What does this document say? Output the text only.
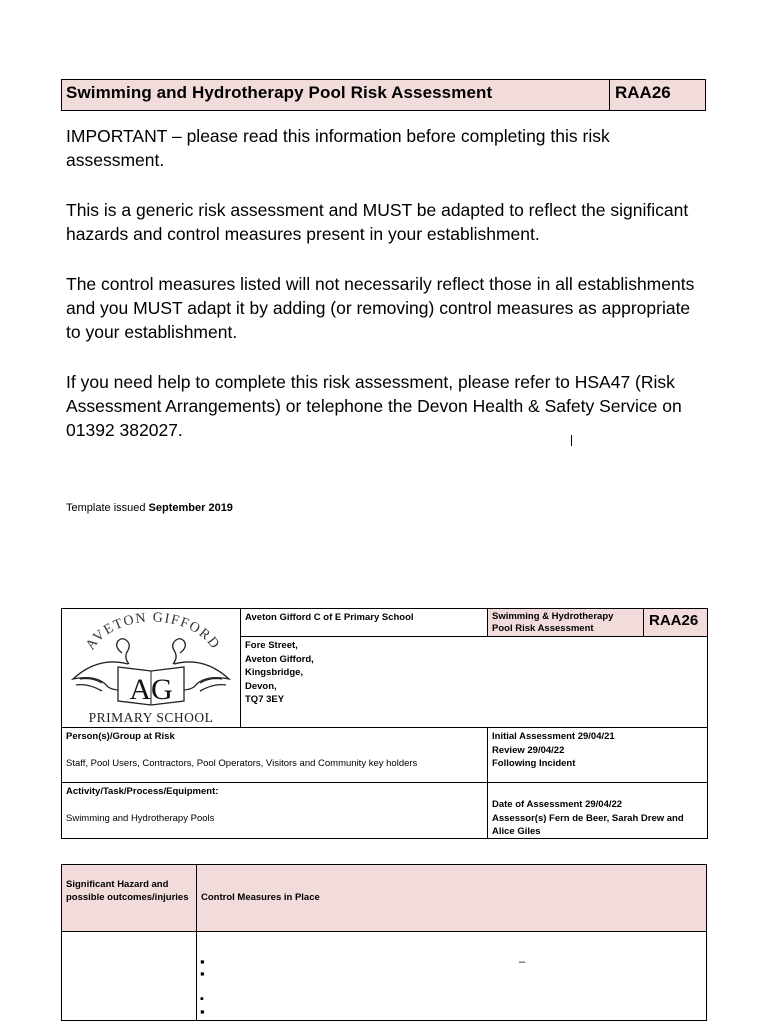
Swimming and Hydrotherapy Pool Risk Assessment	RAA26
IMPORTANT – please read this information before completing this risk assessment.
This is a generic risk assessment and MUST be adapted to reflect the significant hazards and control measures present in your establishment.
The control measures listed will not necessarily reflect those in all establishments and you MUST adapt it by adding (or removing) control measures as appropriate to your establishment.
If you need help to complete this risk assessment, please refer to HSA47 (Risk Assessment Arrangements) or telephone the Devon Health & Safety Service on 01392 382027.
Template issued September 2019
AVETON GIFFORD
AG
PRIMARY SCHOOL
Aveton Gifford C of E Primary School	Swimming & Hydrotherapy
Pool Risk Assessment	RAA26
Fore Street,
Aveton Gifford,
Kingsbridge,
Devon,
TQ7 3EY
Person(s)/Group at Risk
Staff, Pool Users, Contractors, Pool Operators, Visitors and Community key holders
Initial Assessment 29/04/21
Review 29/04/22
Following Incident
Activity/Task/Process/Equipment:
Swimming and Hydrotherapy Pools
Date of Assessment 29/04/22
Assessor(s) Fern de Beer, Sarah Drew and Alice Giles
Significant Hazard and possible outcomes/injuries	Control Measures in Place
▪
▪
▪
▪
–
